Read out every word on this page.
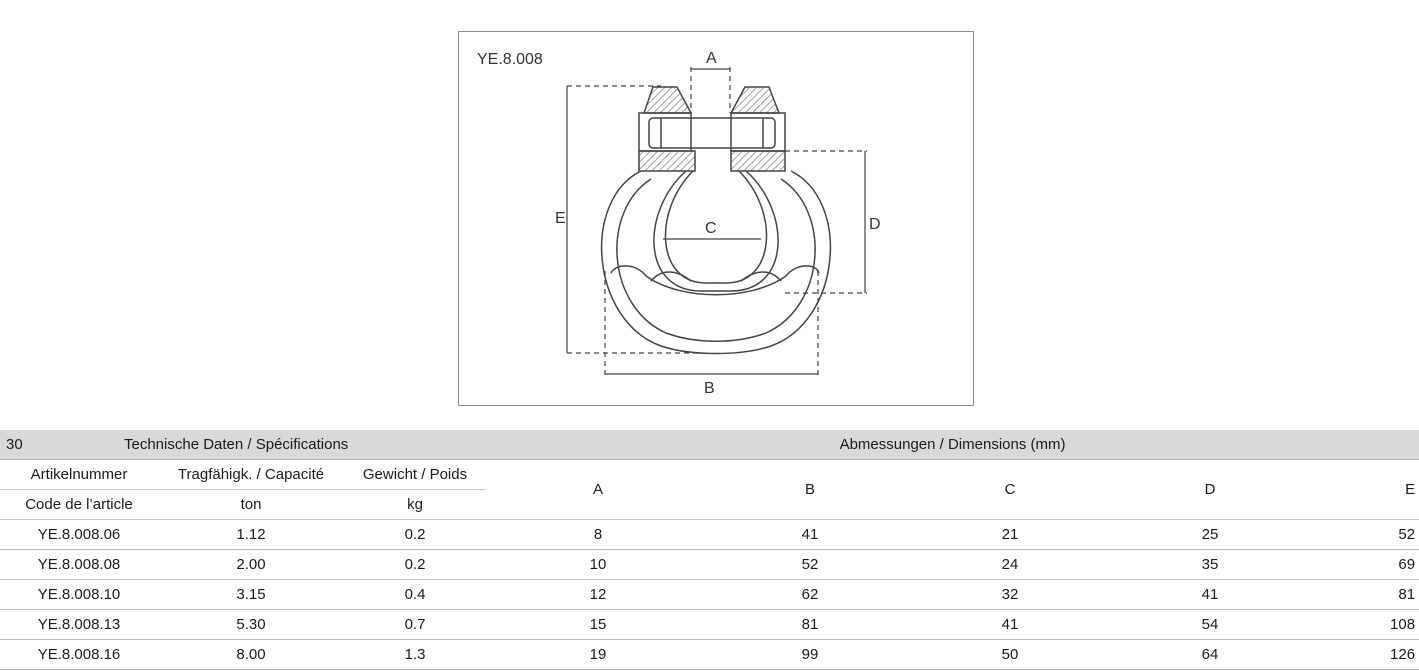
YE.8.008	A
B
C	D
E
30 Technische Daten / Spécifications			Abmessungen / Dimensions (mm)				
Artikelnummer	Tragfähigk. / Capacité	Gewicht / Poids	A	B	C	D	E
Code de l’article	ton	kg					
YE.8.008.06	1.12	0.2	8	41	21	25	52
YE.8.008.08	2.00	0.2	10	52	24	35	69
YE.8.008.10	3.15	0.4	12	62	32	41	81
YE.8.008.13	5.30	0.7	15	81	41	54	108
YE.8.008.16	8.00	1.3	19	99	50	64	126
